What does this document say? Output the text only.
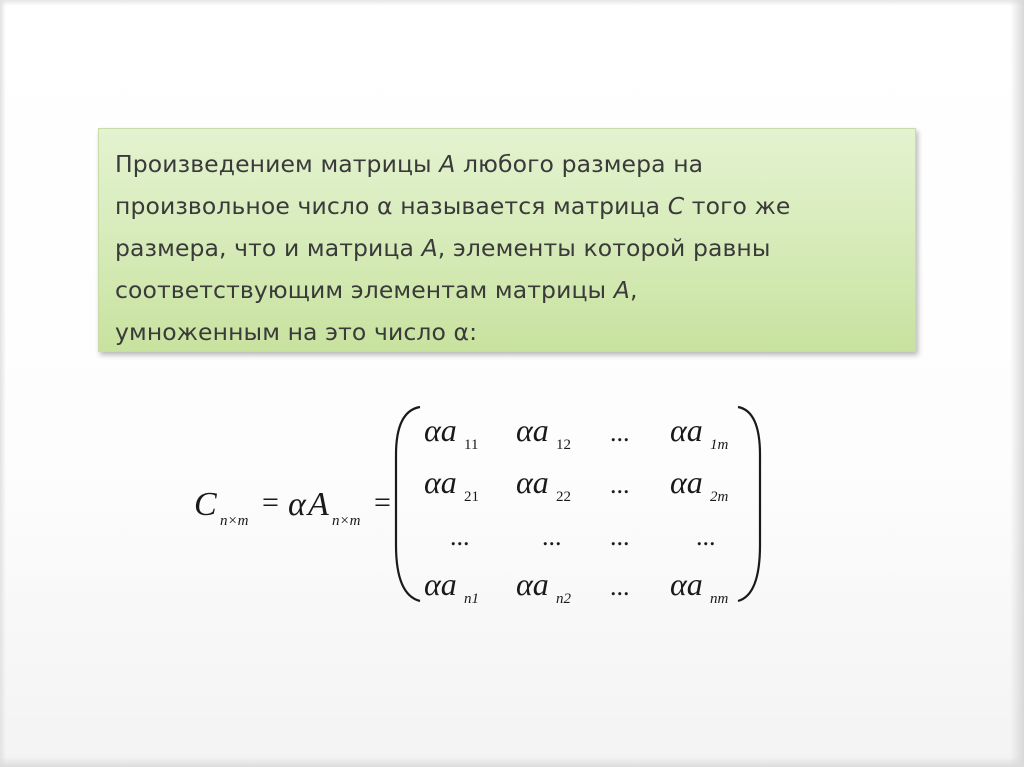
Произведением матрицы A любого размера на
произвольное число α называется матрица C того же
размера, что и матрица A, элементы которой равны
соответствующим элементам матрицы A,
умноженным на это число α:
C n×m
= α A n×m
=
αa 11 αa 12 ... αa 1m
αa 21 αa 22 ... αa 2m
...	... ...	...
αa n1 αa n2 ... αa nm
